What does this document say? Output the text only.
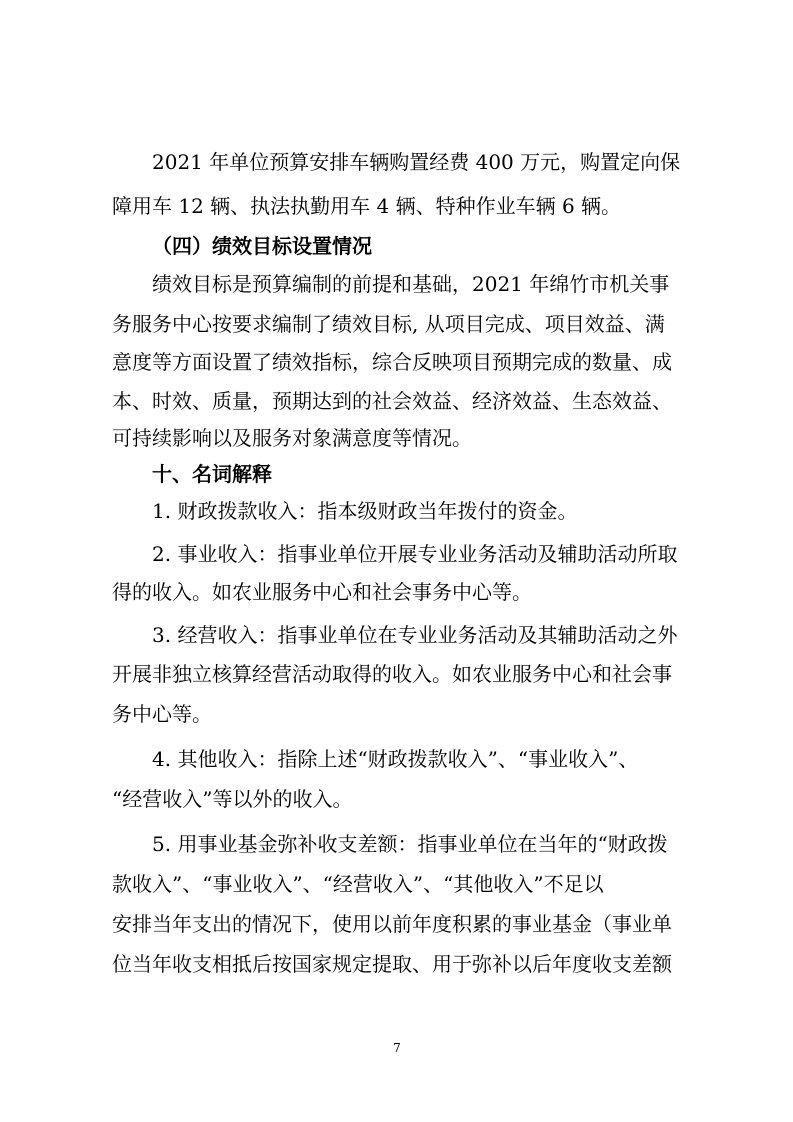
2021 年单位预算安排车辆购置经费 400 万元，购置定向保
障用车 12 辆、执法执勤用车 4 辆、特种作业车辆 6 辆。
（四）绩效目标设置情况
绩效目标是预算编制的前提和基础，2021 年绵竹市机关事
务服务中心按要求编制了绩效目标, 从项目完成、项目效益、满
意度等方面设置了绩效指标，综合反映项目预期完成的数量、成
本、时效、质量，预期达到的社会效益、经济效益、生态效益、
可持续影响以及服务对象满意度等情况。
十、名词解释
1. 财政拨款收入：指本级财政当年拨付的资金。
2. 事业收入：指事业单位开展专业业务活动及辅助活动所取
得的收入。如农业服务中心和社会事务中心等。
3. 经营收入：指事业单位在专业业务活动及其辅助活动之外
开展非独立核算经营活动取得的收入。如农业服务中心和社会事
务中心等。
4. 其他收入：指除上述“财政拨款收入”、“事业收入”、
“经营收入”等以外的收入。
5. 用事业基金弥补收支差额：指事业单位在当年的“财政拨
款收入”、“事业收入”、“经营收入”、“其他收入”不足以
安排当年支出的情况下，使用以前年度积累的事业基金（事业单
位当年收支相抵后按国家规定提取、用于弥补以后年度收支差额
7
